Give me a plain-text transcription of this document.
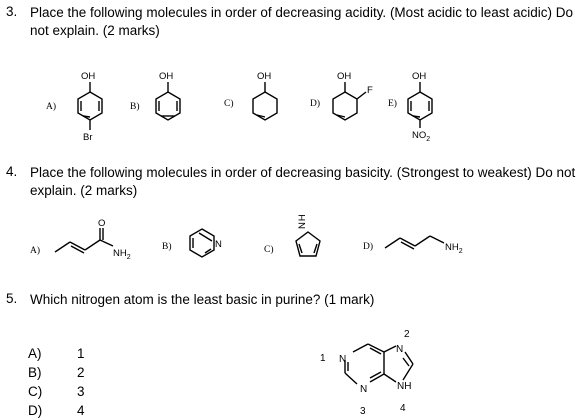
3. Place the following molecules in order of decreasing acidity. (Most acidic to least acidic) Do
not explain. (2 marks)
A)	B)	C)	D)	E)
OH	OH	OH	OH	OH
Br
F
$NO_2$
4. Place the following molecules in order of decreasing basicity. (Strongest to weakest) Do not
explain. (2 marks)
A)	B)	C)	D)
O
$NH_2$
N
NH
$NH_2$
5. Which nitrogen atom is the least basic in purine? (1 mark)
A)	1
B)	2
C)	3
D)	4
N
N
N	NH
1
2
3	4
